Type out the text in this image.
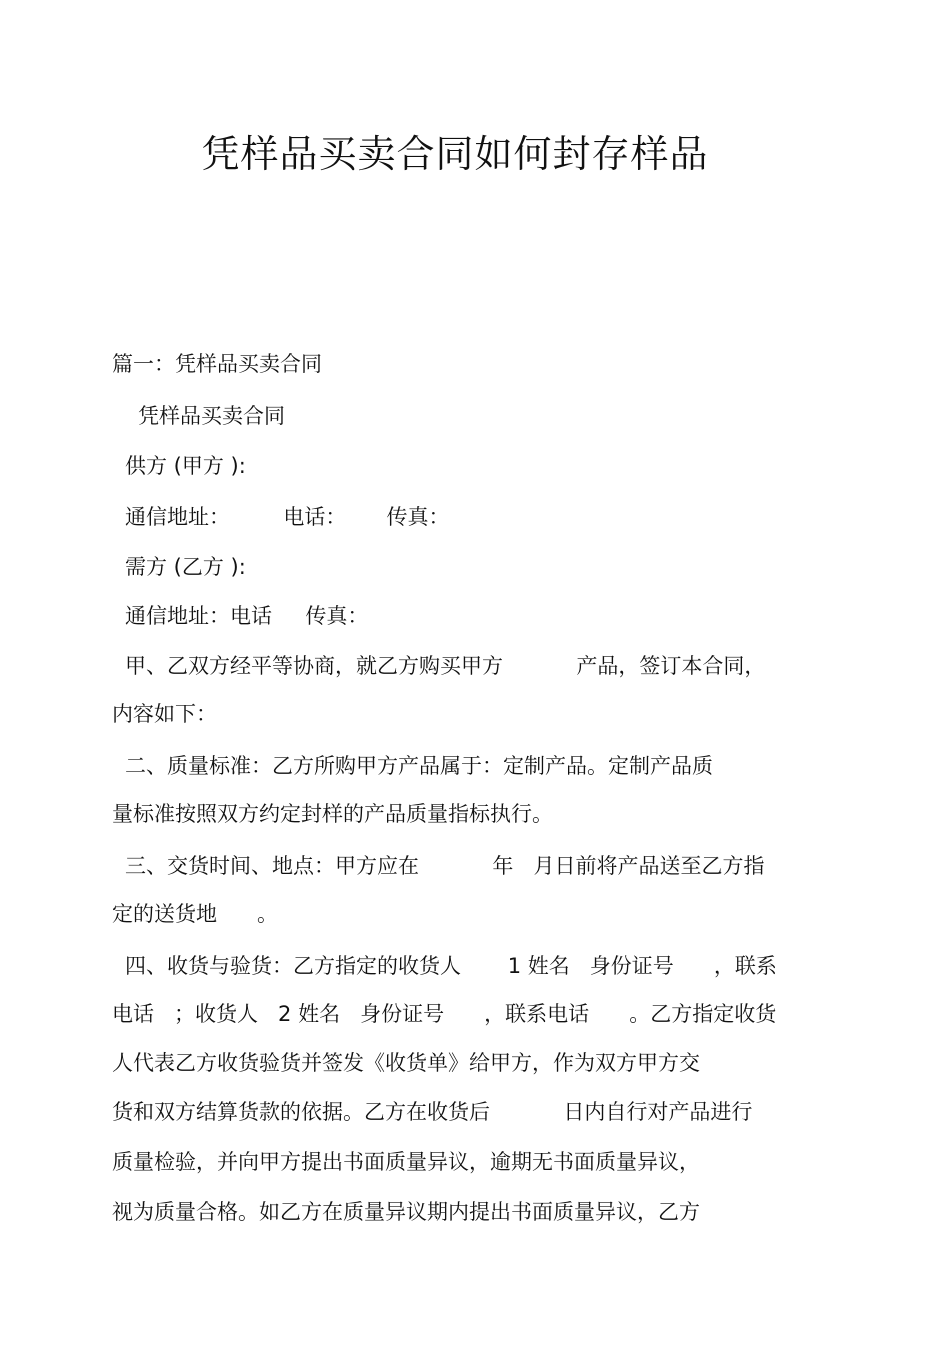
凭样品买卖合同如何封存样品
篇一：凭样品买卖合同
凭样品买卖合同
供方 (甲方 ):
通信地址：        电话：      传真：
需方 (乙方 ):
通信地址：电话     传真：
甲、乙双方经平等协商，就乙方购买甲方           产品，签订本合同，
内容如下：
二、质量标准：乙方所购甲方产品属于：定制产品。定制产品质
量标准按照双方约定封样的产品质量指标执行。
三、交货时间、地点：甲方应在           年   月日前将产品送至乙方指
定的送货地      。
四、收货与验货：乙方指定的收货人       1 姓名   身份证号      ，联系
电话   ；收货人   2 姓名   身份证号      ，联系电话      。乙方指定收货
人代表乙方收货验货并签发《收货单》给甲方，作为双方甲方交
货和双方结算货款的依据。乙方在收货后           日内自行对产品进行
质量检验，并向甲方提出书面质量异议，逾期无书面质量异议，
视为质量合格。如乙方在质量异议期内提出书面质量异议，乙方
